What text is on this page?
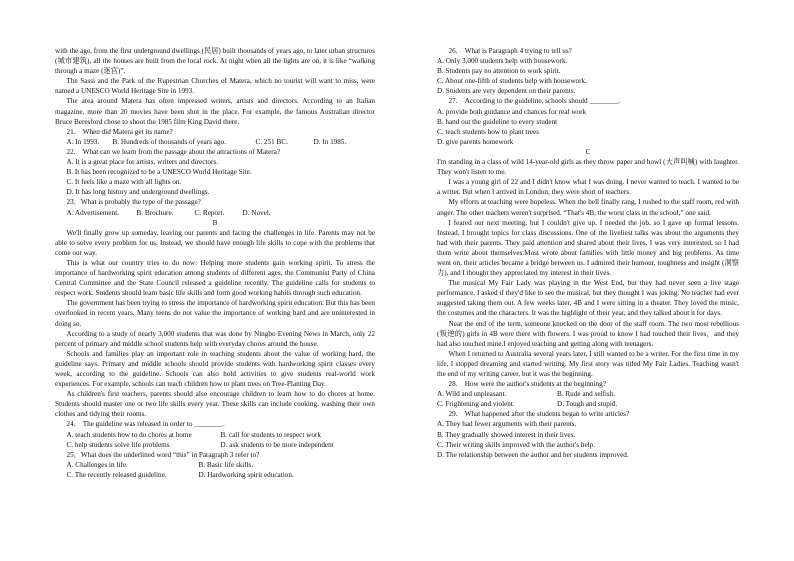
with the age, from the first underground dwellings (民居) built thousands of years ago, to later urban structures (城市建筑), all the houses are built from the local rock. At night when all the lights are on, it is like “walking through a maze (迷宫)”.

The Sassi and the Park of the Rupestrian Churches of Matera, which no tourist will want to miss, were named a UNESCO World Heritage Site in 1993.

The area around Matera has often impressed writers, artists and directors. According to an Italian magazine, more than 20 movies have been shot in the place. For example, the famous Australian director Bruce Beresford chose to shoot the 1985 film King David there.

21.　When did Matera get its name?

A. In 1993.	B. Hundreds of thousands of years ago.	C. 251 BC.	D. In 1985.

22.　What can we learn from the passage about the attractions of Matera?

A. It is a great place for artists, writers and directors.

B. It has been recognized to be a UNESCO World Heritage Site.

C. It feels like a maze with all lights on.

D. It has long history and underground dwellings.

23．What is probably the type of the passage?

A. Advertisement.	B. Brochure.	C. Report.	D. Novel.

B

We'll finally grow up someday, leaving our parents and facing the challenges in life. Parents may not be able to solve every problem for us. Instead, we should have enough life skills to cope with the problems that come our way.

This is what our country tries to do now: Helping more students gain working spirit. To stress the importance of hardworking spirit education among students of different ages, the Communist Party of China Central Committee and the State Council released a guideline recently. The guideline calls for students to respect work. Students should learn basic life skills and form good working habits through such education.

The government has been trying to stress the importance of hardworking spirit education. But this has been overlooked in recent years. Many teens do not value the importance of working hard and are uninterested in doing so.

According to a study of nearly 3,000 students that was done by Ningbo Evening News in March, only 22 percent of primary and middle school students help with everyday chores around the house.

Schools and families play an important role in teaching students about the value of working hard, the guideline says. Primary and middle schools should provide students with hardworking spirit classes every week, according to the guideline. Schools can also hold activities to give students real-world work experiences. For example, schools can teach children how to plant trees on Tree-Planting Day.

As children's first teachers, parents should also encourage children to learn how to do chores at home. Students should master one or two life skills every year. These skills can include cooking, washing their own clothes and tidying their rooms.

24.　The guideline was released in order to ________.

A. teach students how to do chores at home	B. call for students to respect work
C. help students solve life problems	D. ask students to be more independent

25．What does the underlined word “this” in Paragraph 3 refer to?

A. Challenges in life.	B. Basic life skills.
C. The recently released guideline.	D. Hardworking spirit education.

26.　What is Paragraph 4 trying to tell us?

A. Only 3,000 students help with housework.

B. Students pay no attention to work spirit.

C. About one-fifth of students help with housework.

D. Students are very dependent on their parents.

27.　According to the guideline, schools should ________.

A. provide both guidance and chances for real work

B. hand out the guideline to every student

C. teach students how to plant trees

D. give parents homework

C

I'm standing in a class of wild 14-year-old girls as they throw paper and howl (大声叫喊) with laughter. They won't listen to me.

I was a young girl of 22 and I didn't know what I was doing. I never wanted to teach. I wanted to be a writer. But when I arrived in London, they were short of teachers.

My efforts at teaching were hopeless. When the bell finally rang, I rushed to the staff room, red with anger. The other teachers weren't surprised. “That's 4B, the worst class in the school,” one said.

I feared our next meeting, but I couldn't give up. I needed the job, so I gave up formal lessons. Instead, I brought topics for class discussions. One of the liveliest talks was about the arguments they had with their parents. They paid attention and shared about their lives. I was very interested, so I had them write about themselves.Most wrote about families with little money and big problems. As time went on, their articles became a bridge between us. I admired their humour, toughness and insight (洞察力), and I thought they appreciated my interest in their lives.

The musical My Fair Lady was playing in the West End, but they had never seen a live stage performance. I asked if they'd like to see the musical, but they thought I was joking. No teacher had ever suggested taking them out. A few weeks later, 4B and I were sitting in a theater. They loved the music, the costumes and the characters. It was the highlight of their year, and they talked about it for days.

Near the end of the term, someone knocked on the door of the staff room. The two most rebellious (叛逆的) girls in 4B were there with flowers. I was proud to know I had touched their lives，and they had also touched mine.I enjoyed teaching and getting along with teenagers.

When I returned to Australia several years later, I still wanted to be a writer. For the first time in my life, I stopped dreaming and started writing. My first story was titled My Fair Ladies. Teaching wasn't the end of my writing career, but it was the beginning.

28.　How were the author's students at the beginning?

A. Wild and unpleasant.	B. Rude and selfish.
C. Frightening and violent.	D. Tough and stupid.

29.　What happened after the students began to write articles?

A. They had fewer arguments with their parents.

B. They gradually showed interest in their lives.

C. Their writing skills improved with the author's help.

D. The relationship between the author and her students improved.
